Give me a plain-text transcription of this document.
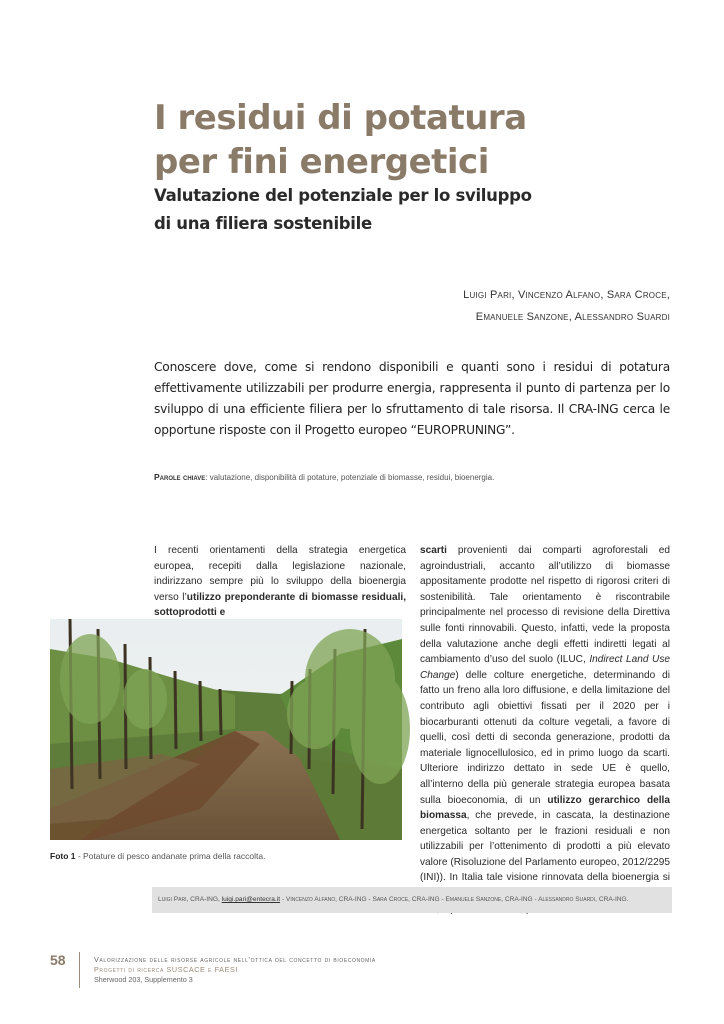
I residui di potatura
per fini energetici
Valutazione del potenziale per lo sviluppo
di una filiera sostenibile
Luigi Pari, Vincenzo Alfano, Sara Croce,
Emanuele Sanzone, Alessandro Suardi

Conoscere dove, come si rendono disponibili e quanti sono i residui di potatura effettivamente utilizzabili per produrre energia, rappresenta il punto di partenza per lo sviluppo di una efficiente filiera per lo sfruttamento di tale risorsa. Il CRA-ING cerca le opportune risposte con il Progetto europeo “EUROPRUNING”.

Parole chiave: valutazione, disponibilità di potature, potenziale di biomasse, residui, bioenergia.

I recenti orientamenti della strategia energetica europea, recepiti dalla legislazione nazionale, indirizzano sempre più lo sviluppo della bioenergia verso l’utilizzo preponderante di biomasse residuali, sottoprodotti e

scarti provenienti dai comparti agroforestali ed agroindustriali, accanto all’utilizzo di biomasse appositamente prodotte nel rispetto di rigorosi criteri di sostenibilità. Tale orientamento è riscontrabile principalmente nel processo di revisione della Direttiva sulle fonti rinnovabili. Questo, infatti, vede la proposta della valutazione anche degli effetti indiretti legati al cambiamento d’uso del suolo (ILUC, Indirect Land Use Change) delle colture energetiche, determinando di fatto un freno alla loro diffusione, e della limitazione del contributo agli obiettivi fissati per il 2020 per i biocarburanti ottenuti da colture vegetali, a favore di quelli, così detti di seconda generazione, prodotti da materiale lignocellulosico, ed in primo luogo da scarti. Ulteriore indirizzo dettato in sede UE è quello, all’interno della più generale strategia europea basata sulla bioeconomia, di un utilizzo gerarchico della biomassa, che prevede, in cascata, la destinazione energetica soltanto per le frazioni residuali e non utilizzabili per l’ottenimento di prodotti a più elevato valore (Risoluzione del Parlamento europeo, 2012/2295 (INI)). In Italia tale visione rinnovata della bioenergia si

Foto 1 - Potature di pesco andanate prima della raccolta.
Luigi Pari, CRA-ING, luigi.pari@entecra.it - Vincenzo Alfano, CRA-ING - Sara Croce, CRA-ING - Emanuele Sanzone, CRA-ING - Alessandro Suardi, CRA-ING.
58	Valorizzazione delle risorse agricole nell’ottica del concetto di bioeconomia
Progetti di ricerca SUSCACE e FAESI
Sherwood 203, Supplemento 3
